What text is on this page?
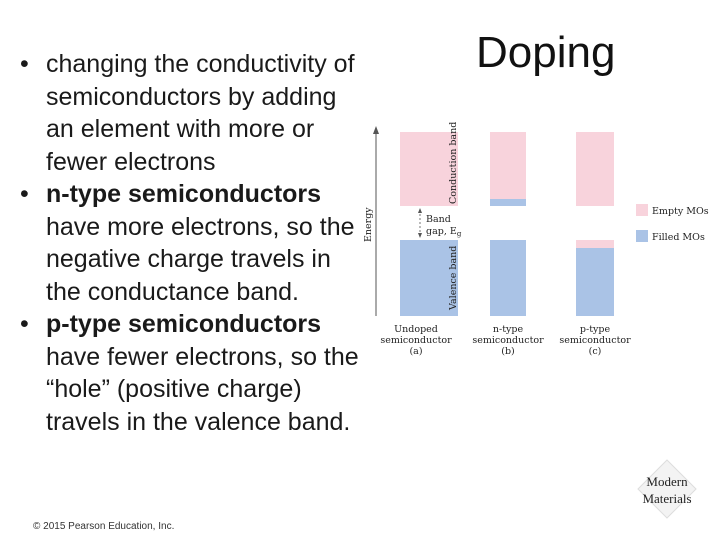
Doping
• changing the conductivity of semiconductors by adding an element with more or fewer electrons
• n-type semiconductors have more electrons, so the negative charge travels in the conductance band.
• p-type semiconductors have fewer electrons, so the “hole” (positive charge) travels in the valence band.
Energy
Conduction band
Valence band
Band
gap, $E_g$
Undoped
semiconductor
(a)
n-type
semiconductor
(b)
p-type
semiconductor
(c)
Empty MOs
Filled MOs
Modern
Materials
© 2015 Pearson Education, Inc.
